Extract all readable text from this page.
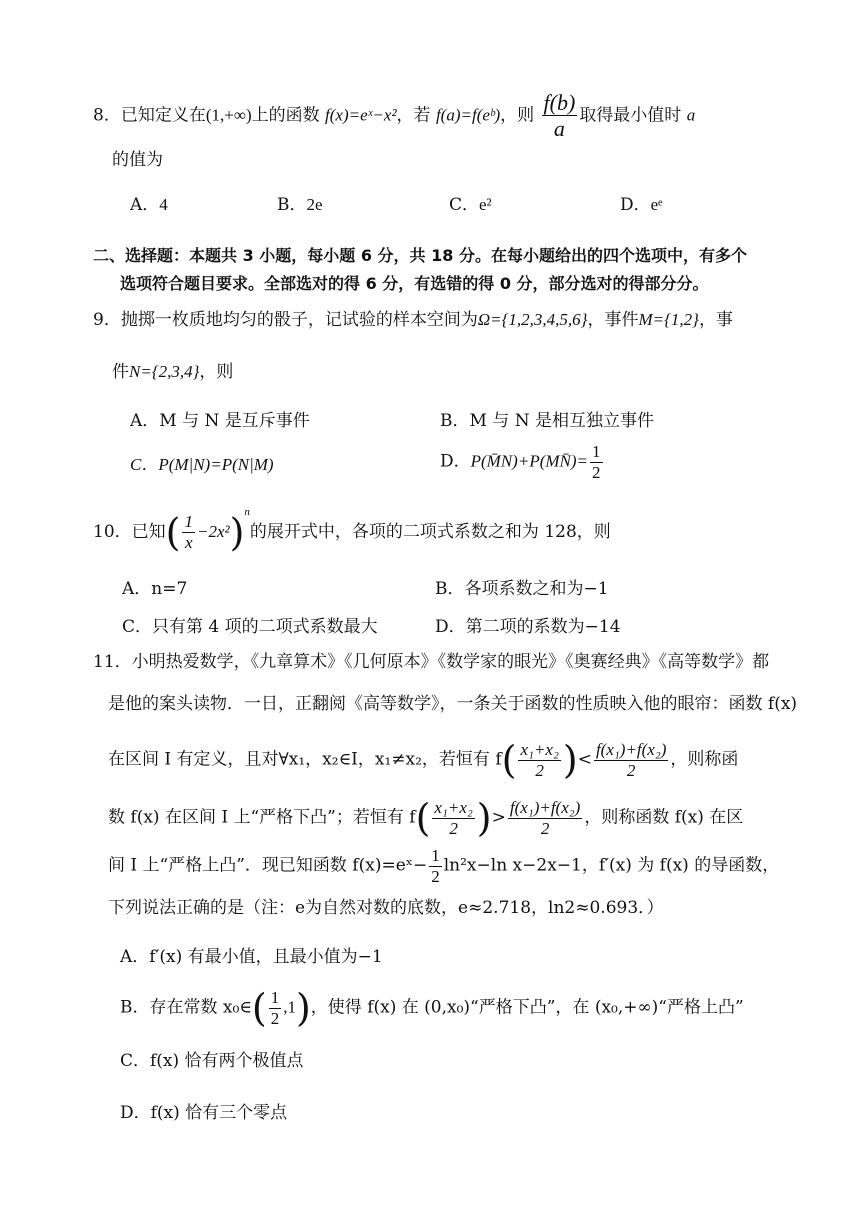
8．已知定义在(1,+∞)上的函数 f(x)=eˣ−x²，若 f(a)=f(eᵇ)，则 $\frac{f(b)}{a}$ 取得最小值时 a
的值为
A．4	B．2e	C．e²	D．eᵉ
二、选择题：本题共 3 小题，每小题 6 分，共 18 分。在每小题给出的四个选项中，有多个
选项符合题目要求。全部选对的得 6 分，有选错的得 0 分，部分选对的得部分分。
9．抛掷一枚质地均匀的骰子，记试验的样本空间为Ω={1,2,3,4,5,6}，事件M={1,2}，事
件N={2,3,4}，则
A．M 与 N 是互斥事件	B．M 与 N 是相互独立事件
C．P(M|N)=P(N|M)	D．P(M̄N)+P(MN̄)= $\frac{1}{2}$
10．已知( $\frac{1}{x} -2x^2)^n$的展开式中，各项的二项式系数之和为 128，则
A．n=7	B．各项系数之和为−1
C．只有第 4 项的二项式系数最大	D．第二项的系数为−14
11．小明热爱数学，《九章算术》《几何原本》《数学家的眼光》《奥赛经典》《高等数学》都
是他的案头读物．一日，正翻阅《高等数学》，一条关于函数的性质映入他的眼帘：函数 f(x)
在区间 I 有定义，且对∀x₁，x₂∈I，x₁≠x₂，若恒有 $f( \frac{\text{x₁+x₂}}{2}$ )< $\frac{\text{f(x₁)+f(x₂)}}{2}$ ，则称函
数 f(x) 在区间 I 上“严格下凸”；若恒有 $f( \frac{\text{x₁+x₂}}{2}$ )> $\frac{\text{f(x₁)+f(x₂)}}{2}$ ，则称函数 f(x) 在区
间 I 上“严格上凸”．现已知函数 f(x)=eˣ− $\frac{1}{2} \ln^2x-\ln$ x−2x−1，f′(x) 为 f(x) 的导函数，
下列说法正确的是（注：e为自然对数的底数，e≈2.718，ln2≈0.693．）
A．f′(x) 有最小值，且最小值为−1
B．存在常数 x₀∈( $\frac{1}{2} ,1$)，使得 f(x) 在 (0,x₀)“严格下凸”，在 (x₀,+∞)“严格上凸”
C．f(x) 恰有两个极值点
D．f(x) 恰有三个零点
